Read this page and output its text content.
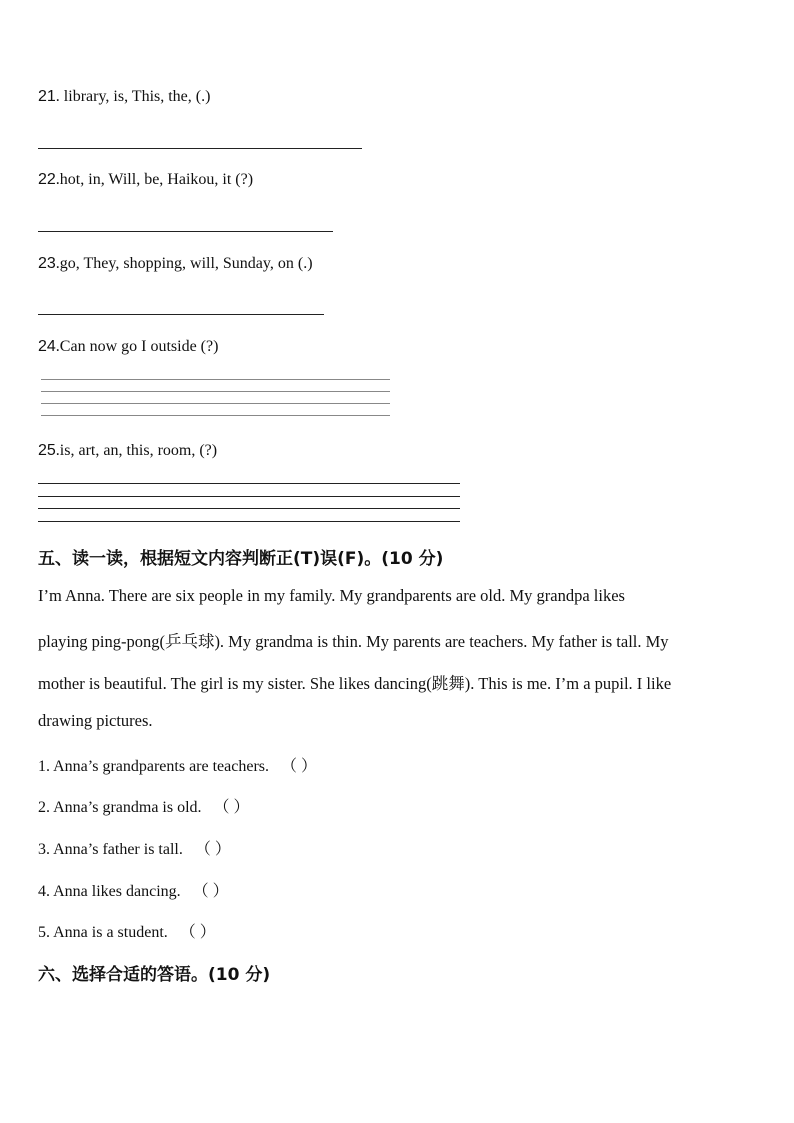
21. library, is, This, the, (.)
22.hot, in, Will, be, Haikou, it (?)
23.go, They, shopping, will, Sunday, on (.)
24.Can now go I outside (?)
25.is, art, an, this, room, (?)
五、读一读，根据短文内容判断正(T)误(F)。(10 分)
I’m Anna. There are six people in my family. My grandparents are old. My grandpa likes
playing ping-pong(乒乓球). My grandma is thin. My parents are teachers. My father is tall. My
mother is beautiful. The girl is my sister. She likes dancing(跳舞). This is me. I’m a pupil. I like
drawing pictures.
1. Anna’s grandparents are teachers. （ ）
2. Anna’s grandma is old. （ ）
3. Anna’s father is tall. （ ）
4. Anna likes dancing. （ ）
5. Anna is a student. （ ）
六、选择合适的答语。(10 分)
